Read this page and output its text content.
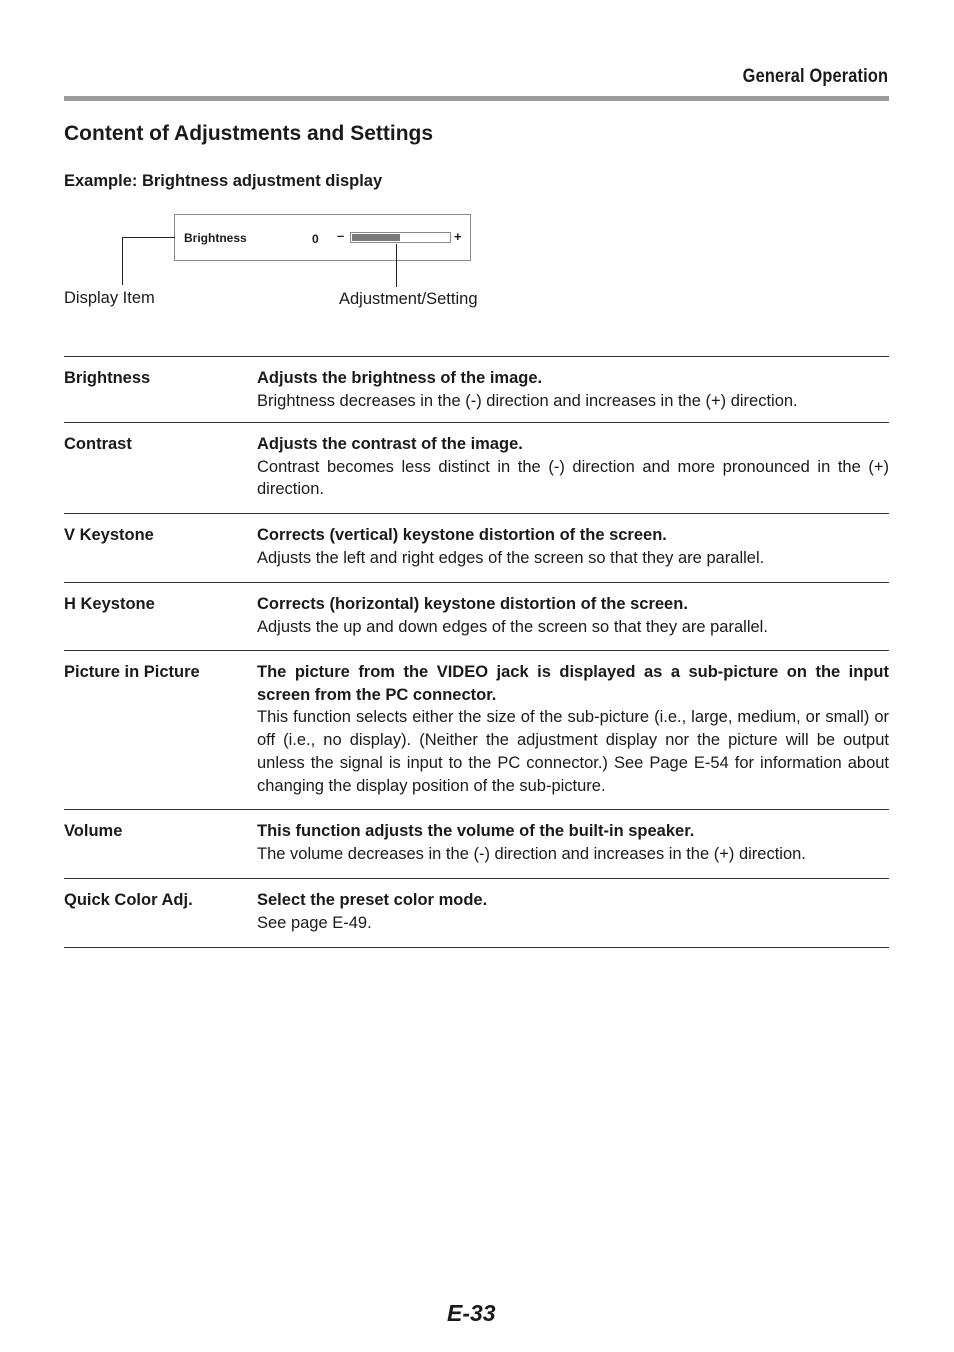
General Operation
Content of Adjustments and Settings
Example: Brightness adjustment display
Brightness	0 –	+
Display Item	Adjustment/Setting
Brightness	Adjusts the brightness of the image.
Brightness decreases in the (-) direction and increases in the (+) direction.
Contrast	Adjusts the contrast of the image.
Contrast becomes less distinct in the (-) direction and more pronounced in the (+) direction.
V Keystone	Corrects (vertical) keystone distortion of the screen.
Adjusts the left and right edges of the screen so that they are parallel.
H Keystone	Corrects (horizontal) keystone distortion of the screen.
Adjusts the up and down edges of the screen so that they are parallel.
Picture in Picture	The picture from the VIDEO jack is displayed as a sub-picture on the input screen from the PC connector.
This function selects either the size of the sub-picture (i.e., large, medium, or small) or off (i.e., no display). (Neither the adjustment display nor the picture will be output unless the signal is input to the PC connector.) See Page E-54 for information about changing the display position of the sub-picture.
Volume	This function adjusts the volume of the built-in speaker.
The volume decreases in the (-) direction and increases in the (+) direction.
Quick Color Adj.	Select the preset color mode.
See page E-49.
E-33
